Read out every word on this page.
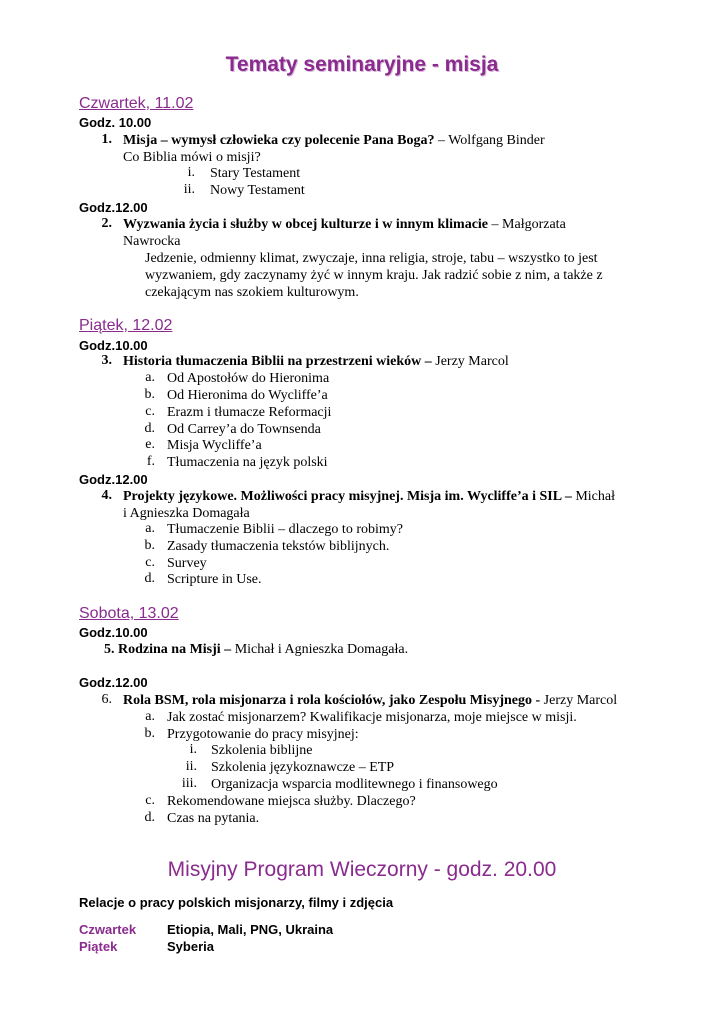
Tematy seminaryjne - misja
Czwartek, 11.02
Godz. 10.00
1. Misja – wymysł człowieka czy polecenie Pana Boga? – Wolfgang Binder
Co Biblia mówi o misji?
i. Stary Testament
ii. Nowy Testament
Godz.12.00
2. Wyzwania życia i służby w obcej kulturze i w innym klimacie – Małgorzata
Nawrocka
Jedzenie, odmienny klimat, zwyczaje, inna religia, stroje, tabu – wszystko to jest
wyzwaniem, gdy zaczynamy żyć w innym kraju. Jak radzić sobie z nim, a także z
czekającym nas szokiem kulturowym.
Piątek, 12.02
Godz.10.00
3. Historia tłumaczenia Biblii na przestrzeni wieków – Jerzy Marcol
a. Od Apostołów do Hieronima
b. Od Hieronima do Wycliffe’a
c. Erazm i tłumacze Reformacji
d. Od Carrey’a do Townsenda
e. Misja Wycliffe’a
f. Tłumaczenia na język polski
Godz.12.00
4. Projekty językowe. Możliwości pracy misyjnej. Misja im. Wycliffe’a i SIL – Michał
i Agnieszka Domagała
a. Tłumaczenie Biblii – dlaczego to robimy?
b. Zasady tłumaczenia tekstów biblijnych.
c. Survey
d. Scripture in Use.
Sobota, 13.02
Godz.10.00
5. Rodzina na Misji – Michał i Agnieszka Domagała.
Godz.12.00
6. Rola BSM, rola misjonarza i rola kościołów, jako Zespołu Misyjnego - Jerzy Marcol
a. Jak zostać misjonarzem? Kwalifikacje misjonarza, moje miejsce w misji.
b. Przygotowanie do pracy misyjnej:
i. Szkolenia biblijne
ii. Szkolenia językoznawcze – ETP
iii. Organizacja wsparcia modlitewnego i finansowego
c. Rekomendowane miejsca służby. Dlaczego?
d. Czas na pytania.
Misyjny Program Wieczorny - godz. 20.00
Relacje o pracy polskich misjonarzy, filmy i zdjęcia
Czwartek Etiopia, Mali, PNG, Ukraina
Piątek	Syberia
